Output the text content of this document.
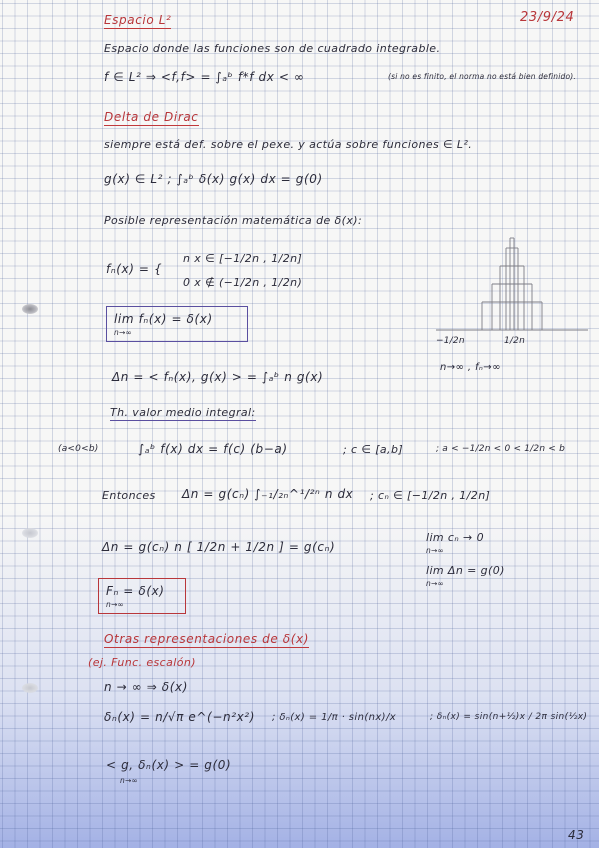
23/9/24
Espacio L²
Espacio donde las funciones son de cuadrado integrable.
f ∈ L² ⇒ <f,f> = ∫ₐᵇ f*f dx < ∞	(si no es finito, el norma no está bien definido).
Delta de Dirac
siempre está def. sobre el pexe. y actúa sobre funciones ∈ L².
g(x) ∈ L² ; ∫ₐᵇ δ(x) g(x) dx = g(0)
Posible representación matemática de δ(x):
fₙ(x) = {
n x ∈ [−1/2n , 1/2n]
0 x ∉ (−1/2n , 1/2n)
lim fₙ(x) = δ(x)
n→∞
−1/2n	1/2n
n→∞ , fₙ→∞
Δn = < fₙ(x), g(x) > = ∫ₐᵇ n g(x)
Th. valor medio integral:
(a<0<b)	∫ₐᵇ f(x) dx = f(c) (b−a)	; c ∈ [a,b]	; a < −1/2n < 0 < 1/2n < b
Entonces Δn = g(cₙ) ∫₋₁/₂ₙ^¹/²ⁿ n dx ; cₙ ∈ [−1/2n , 1/2n]
Δn = g(cₙ) n [ 1/2n + 1/2n ] = g(cₙ)
lim cₙ → 0
n→∞
lim Δn = g(0)
n→∞
Fₙ = δ(x)
n→∞
Otras representaciones de δ(x)
(ej. Func. escalón)
n → ∞ ⇒ δ(x)
δₙ(x) = n/√π e^(−n²x²) ; δₙ(x) = 1/π · sin(nx)/x	; δₙ(x) = sin(n+½)x / 2π sin(½x)
< g, δₙ(x) > = g(0)
n→∞
43
